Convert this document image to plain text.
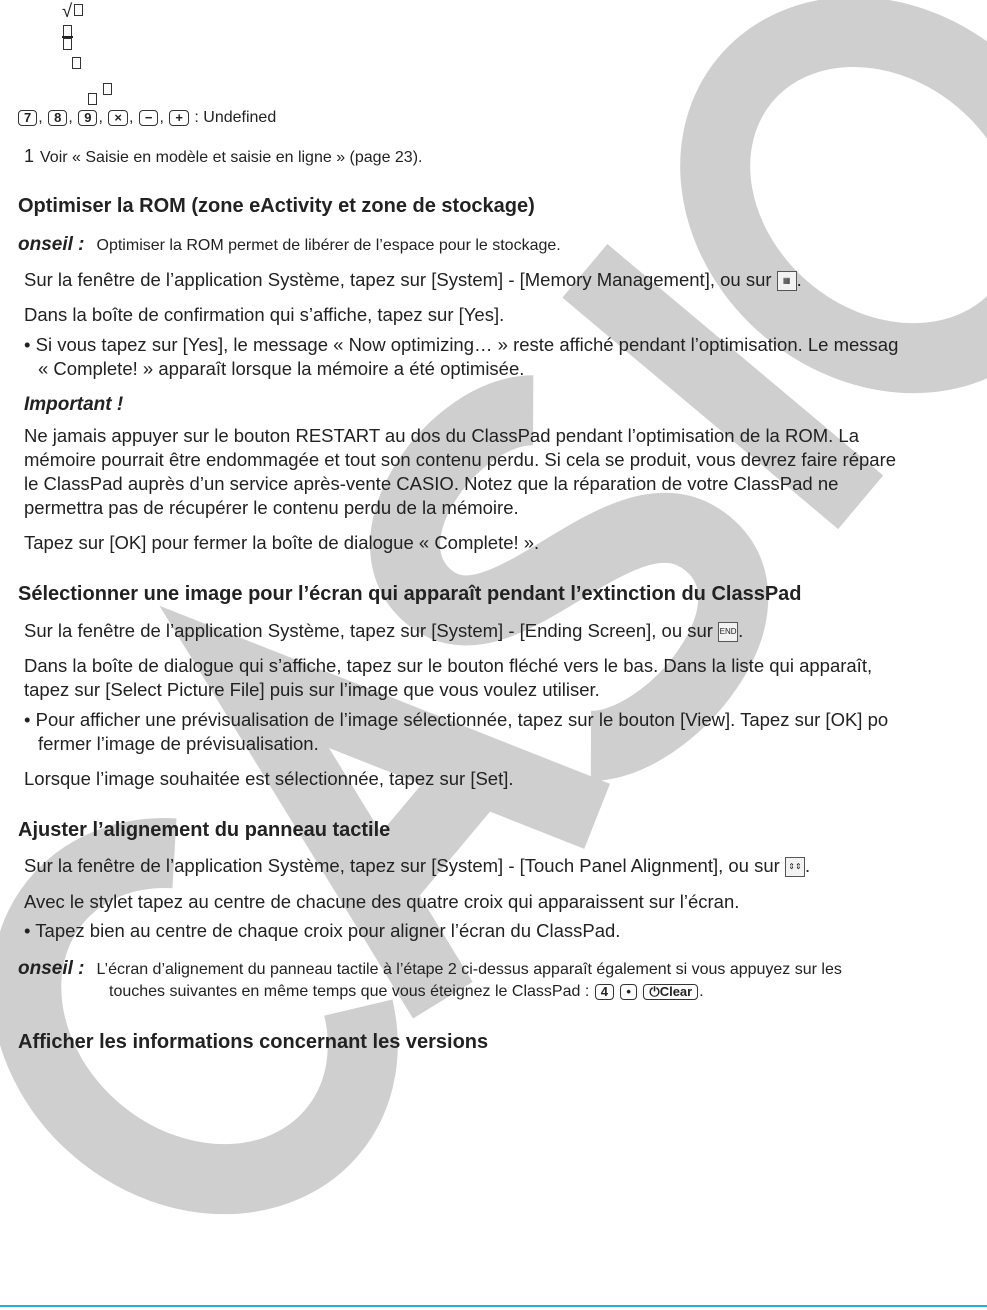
√
7 , 8 , 9 , × , − , + : Undefined
1 Voir « Saisie en modèle et saisie en ligne » (page 23).
Optimiser la ROM (zone eActivity et zone de stockage)
onseil : Optimiser la ROM permet de libérer de l’espace pour le stockage.
Sur la fenêtre de l’application Système, tapez sur [System] - [Memory Management], ou sur ▦ .
Dans la boîte de confirmation qui s’affiche, tapez sur [Yes].
• Si vous tapez sur [Yes], le message « Now optimizing… » reste affiché pendant l’optimisation. Le messag
« Complete! » apparaît lorsque la mémoire a été optimisée.
Important !
Ne jamais appuyer sur le bouton RESTART au dos du ClassPad pendant l’optimisation de la ROM. La
mémoire pourrait être endommagée et tout son contenu perdu. Si cela se produit, vous devrez faire répare
le ClassPad auprès d’un service après-vente CASIO. Notez que la réparation de votre ClassPad ne
permettra pas de récupérer le contenu perdu de la mémoire.
Tapez sur [OK] pour fermer la boîte de dialogue « Complete! ».
Sélectionner une image pour l’écran qui apparaît pendant l’extinction du ClassPad
Sur la fenêtre de l’application Système, tapez sur [System] - [Ending Screen], ou sur END.
Dans la boîte de dialogue qui s’affiche, tapez sur le bouton fléché vers le bas. Dans la liste qui apparaît,
tapez sur [Select Picture File] puis sur l’image que vous voulez utiliser.
• Pour afficher une prévisualisation de l’image sélectionnée, tapez sur le bouton [View]. Tapez sur [OK] po
fermer l’image de prévisualisation.
Lorsque l’image souhaitée est sélectionnée, tapez sur [Set].
Ajuster l’alignement du panneau tactile
Sur la fenêtre de l’application Système, tapez sur [System] - [Touch Panel Alignment], ou sur ⇕⇕ .
Avec le stylet tapez au centre de chacune des quatre croix qui apparaissent sur l’écran.
• Tapez bien au centre de chaque croix pour aligner l’écran du ClassPad.
onseil : L’écran d’alignement du panneau tactile à l’étape 2 ci-dessus apparaît également si vous appuyez sur les
touches suivantes en même temps que vous éteignez le ClassPad : 4 • ⏻Clear .
Afficher les informations concernant les versions
